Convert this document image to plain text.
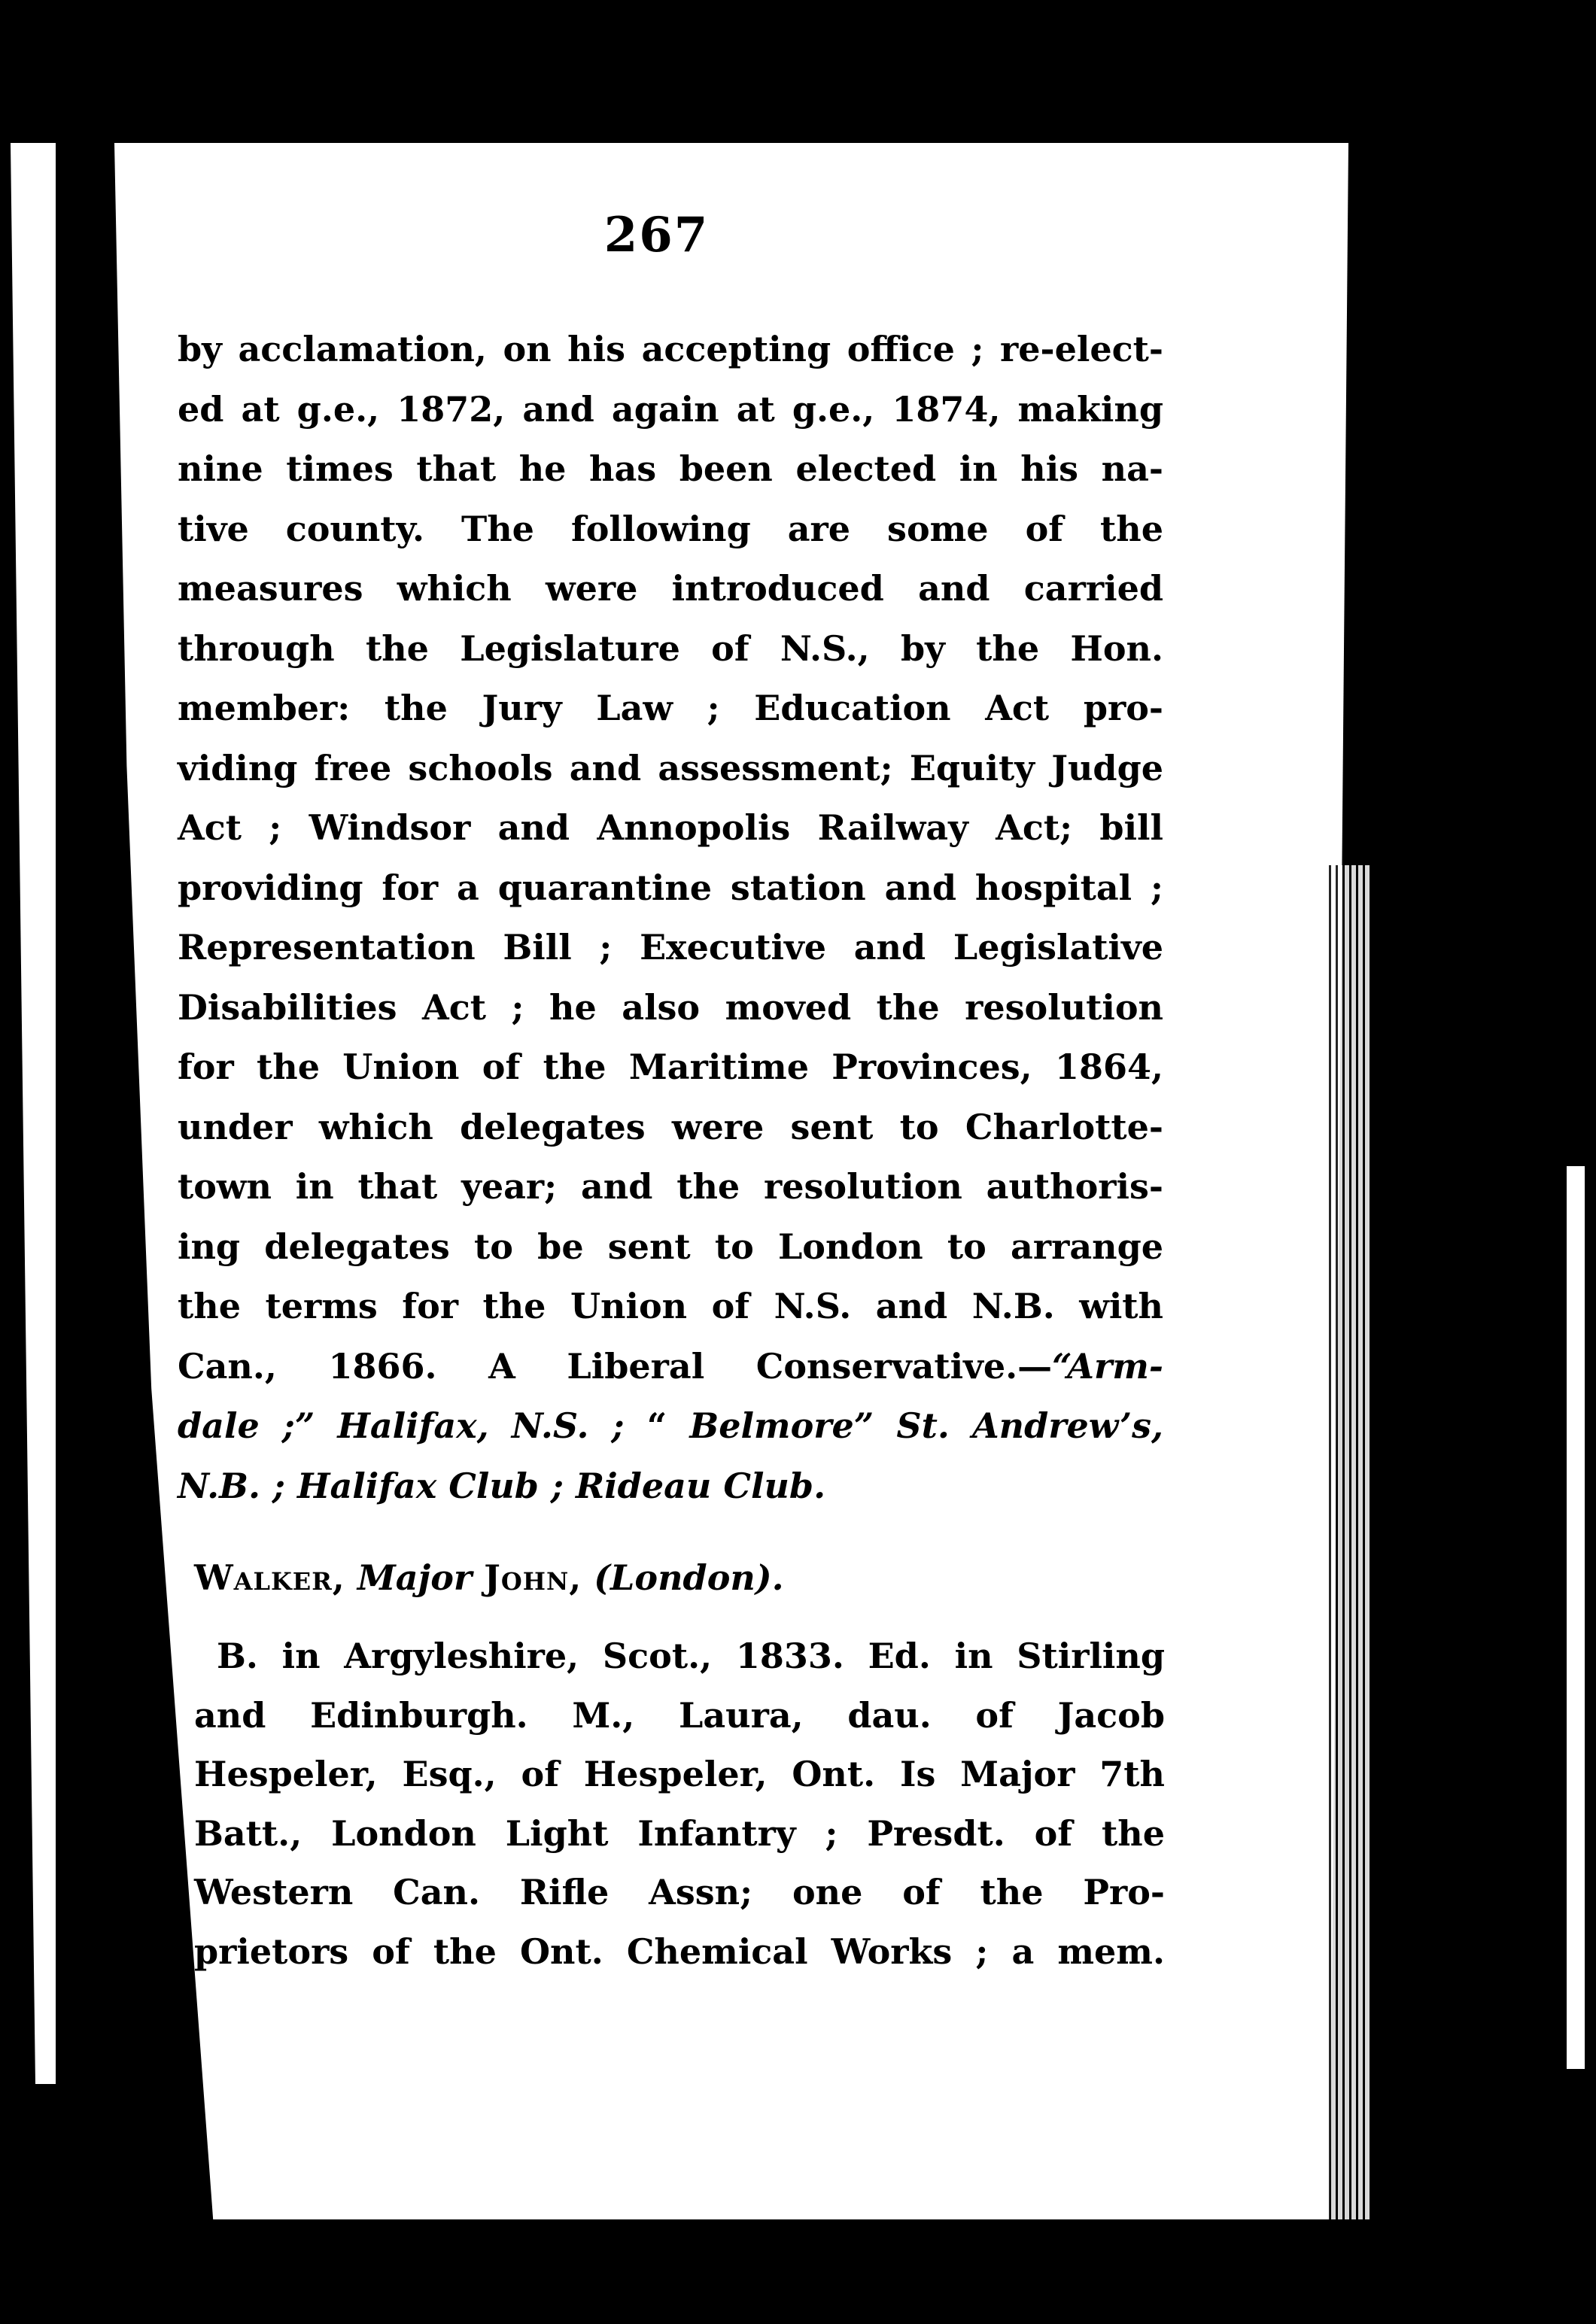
267
by acclamation, on his accepting office ; re-elect-
ed at g.e., 1872, and again at g.e., 1874, making
nine times that he has been elected in his na-
tive county. The following are some of the
measures which were introduced and carried
through the Legislature of N.S., by the Hon.
member: the Jury Law ; Education Act pro-
viding free schools and assessment; Equity Judge
Act ; Windsor and Annopolis Railway Act; bill
providing for a quarantine station and hospital ;
Representation Bill ; Executive and Legislative
Disabilities Act ; he also moved the resolution
for the Union of the Maritime Provinces, 1864,
under which delegates were sent to Charlotte-
town in that year; and the resolution authoris-
ing delegates to be sent to London to arrange
the terms for the Union of N.S. and N.B. with
Can., 1866. A Liberal Conservative.—“Arm-
dale ;” Halifax, N.S. ; “ Belmore” St. Andrew’s,
N.B. ; Halifax Club ; Rideau Club.
Walker, Major John, (London).
B. in Argyleshire, Scot., 1833. Ed. in Stirling
and Edinburgh. M., Laura, dau. of Jacob
Hespeler, Esq., of Hespeler, Ont. Is Major 7th
Batt., London Light Infantry ; Presdt. of the
Western Can. Rifle Assn; one of the Pro-
prietors of the Ont. Chemical Works ; a mem.
